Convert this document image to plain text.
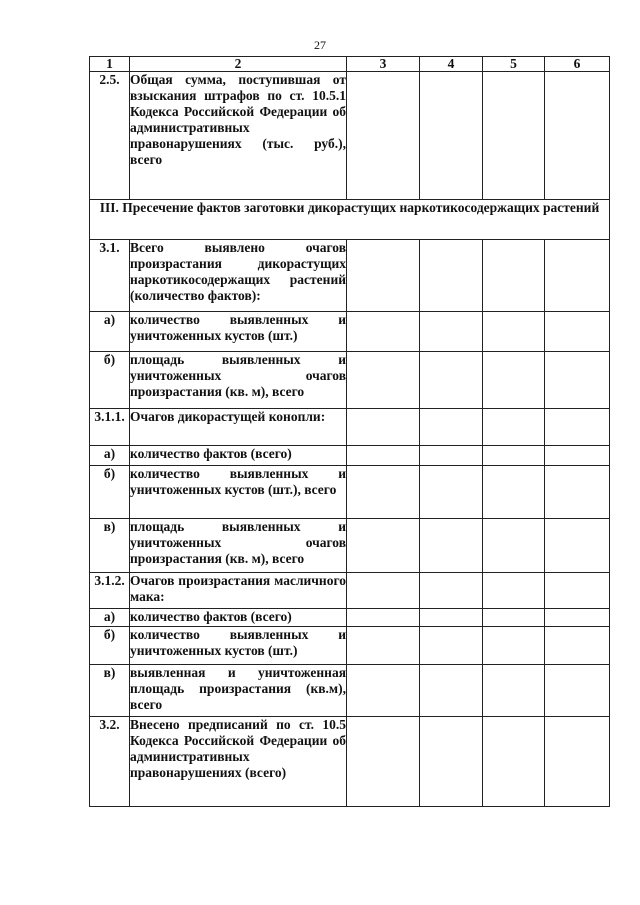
27
1	2	3	4	5	6
2.5.	Общая сумма, поступившая от взыскания штрафов по ст. 10.5.1 Кодекса Российской Федерации об административных правонарушениях (тыс. руб.), всего				
III. Пресечение фактов заготовки дикорастущих наркотикосодержащих растений					
3.1.	Всего выявлено очагов произрастания дикорастущих наркотикосодержащих растений (количество фактов):				
а)	количество выявленных и уничтоженных кустов (шт.)				
б)	площадь выявленных и уничтоженных очагов произрастания (кв. м), всего				
3.1.1.	Очагов дикорастущей конопли:				
а)	количество фактов (всего)				
б)	количество выявленных и уничтоженных кустов (шт.), всего				
в)	площадь выявленных и уничтоженных очагов произрастания (кв. м), всего				
3.1.2.	Очагов произрастания масличного мака:				
а)	количество фактов (всего)				
б)	количество выявленных и уничтоженных кустов (шт.)				
в)	выявленная и уничтоженная площадь произрастания (кв.м), всего				
3.2.	Внесено предписаний по ст. 10.5 Кодекса Российской Федерации об административных правонарушениях (всего)				
